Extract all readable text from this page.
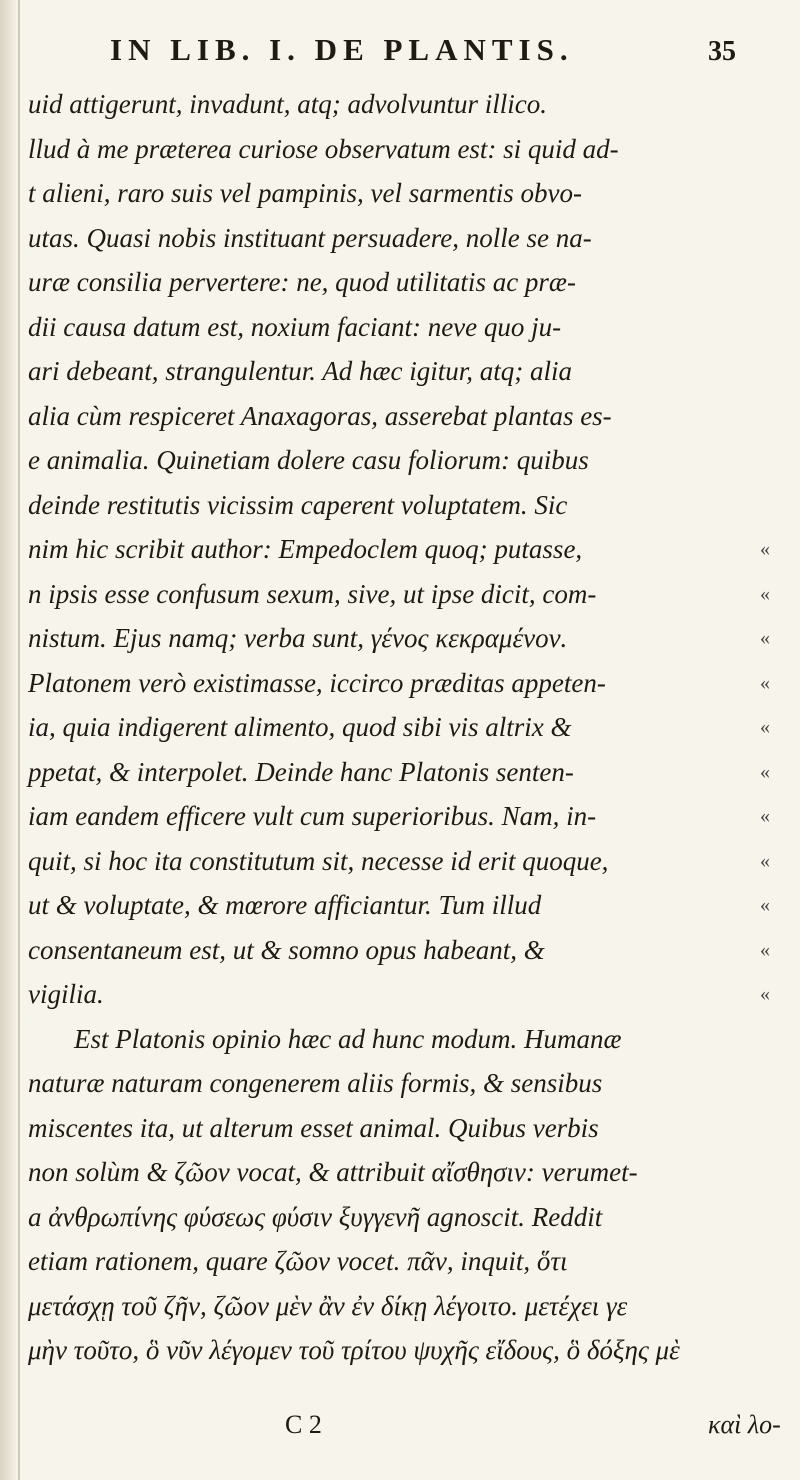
IN LIB. I. DE PLANTIS.	35
uid attigerunt, invadunt, atq; advolvuntur illico.
llud à me præterea curiose observatum est: si quid ad-
t alieni, raro suis vel pampinis, vel sarmentis obvo-
utas. Quasi nobis instituant persuadere, nolle se na-
uræ consilia pervertere: ne, quod utilitatis ac præ-
dii causa datum est, noxium faciant: neve quo ju-
ari debeant, strangulentur. Ad hæc igitur, atq; alia
alia cùm respiceret Anaxagoras, asserebat plantas es-
e animalia. Quinetiam dolere casu foliorum: quibus
deinde restitutis vicissim caperent voluptatem. Sic
nim hic scribit author: Empedoclem quoq; putasse,	«
n ipsis esse confusum sexum, sive, ut ipse dicit, com-	«
nistum. Ejus namq; verba sunt, γένος κεκραμένον.	«
Platonem verò existimasse, iccirco præditas appeten-	«
ia, quia indigerent alimento, quod sibi vis altrix &	«
ppetat, & interpolet. Deinde hanc Platonis senten-	«
iam eandem efficere vult cum superioribus. Nam, in-	«
quit, si hoc ita constitutum sit, necesse id erit quoque,	«
ut & voluptate, & mœrore afficiantur. Tum illud	«
consentaneum est, ut & somno opus habeant, &	«
vigilia.	«
Est Platonis opinio hæc ad hunc modum. Humanæ
naturæ naturam congenerem aliis formis, & sensibus
miscentes ita, ut alterum esset animal. Quibus verbis
non solùm & ζῶον vocat, & attribuit αἴσθησιν: verumet-
a ἀνθρωπίνης φύσεως φύσιν ξυγγενῆ agnoscit. Reddit
etiam rationem, quare ζῶον vocet. πᾶν, inquit, ὅτι
μετάσχῃ τοῦ ζῆν, ζῶον μὲν ἂν ἐν δίκῃ λέγοιτο. μετέχει γε
μὴν τοῦτο, ὃ νῦν λέγομεν τοῦ τρίτου ψυχῆς εἴδους, ὃ δόξης μὲ
C 2	καὶ λο-
